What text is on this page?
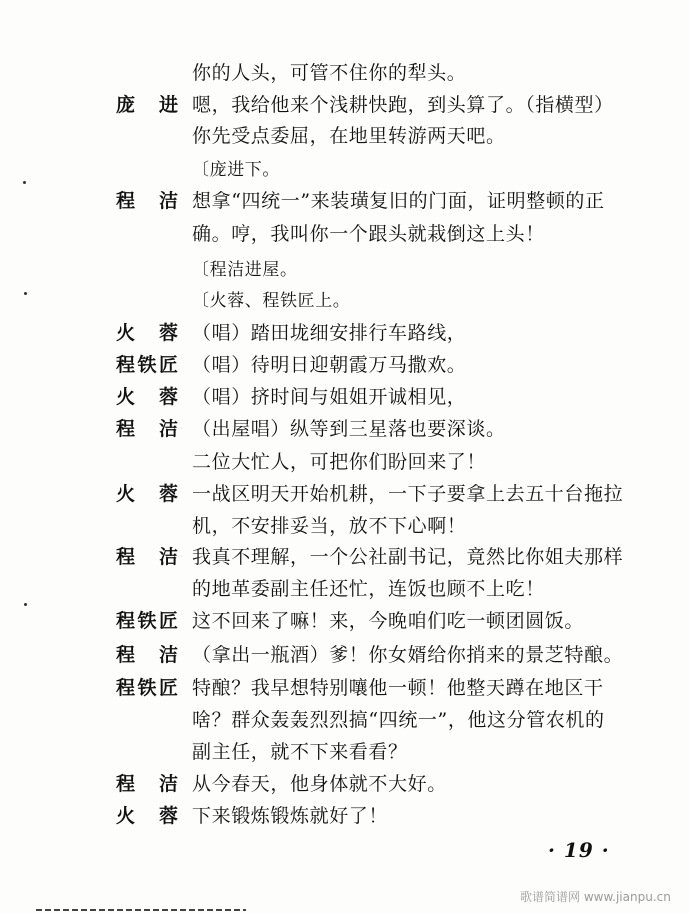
你的人头，可管不住你的犁头。
庞　进 嗯，我给他来个浅耕快跑，到头算了。（指横型）
你先受点委屈，在地里转游两天吧。
〔庞进下。
程　洁 想拿“四统一”来装璜复旧的门面，证明整顿的正
确。哼，我叫你一个跟头就栽倒这上头！
〔程洁进屋。
〔火蓉、程铁匠上。
火　蓉 （唱）踏田垅细安排行车路线，
程铁匠 （唱）待明日迎朝霞万马撒欢。
火　蓉 （唱）挤时间与姐姐开诚相见，
程　洁 （出屋唱）纵等到三星落也要深谈。
二位大忙人，可把你们盼回来了！
火　蓉 一战区明天开始机耕，一下子要拿上去五十台拖拉
机，不安排妥当，放不下心啊！
程　洁 我真不理解，一个公社副书记，竟然比你姐夫那样
的地革委副主任还忙，连饭也顾不上吃！
程铁匠 这不回来了嘛！来，今晚咱们吃一顿团圆饭。
程　洁 （拿出一瓶酒）爹！你女婿给你捎来的景芝特酿。
程铁匠 特酿？我早想特别嚷他一顿！他整天蹲在地区干
啥？群众轰轰烈烈搞“四统一”，他这分管农机的
副主任，就不下来看看？
程　洁 从今春天，他身体就不大好。
火　蓉 下来锻炼锻炼就好了！
· 19 ·
歌谱简谱网 www.jianpu.cn
